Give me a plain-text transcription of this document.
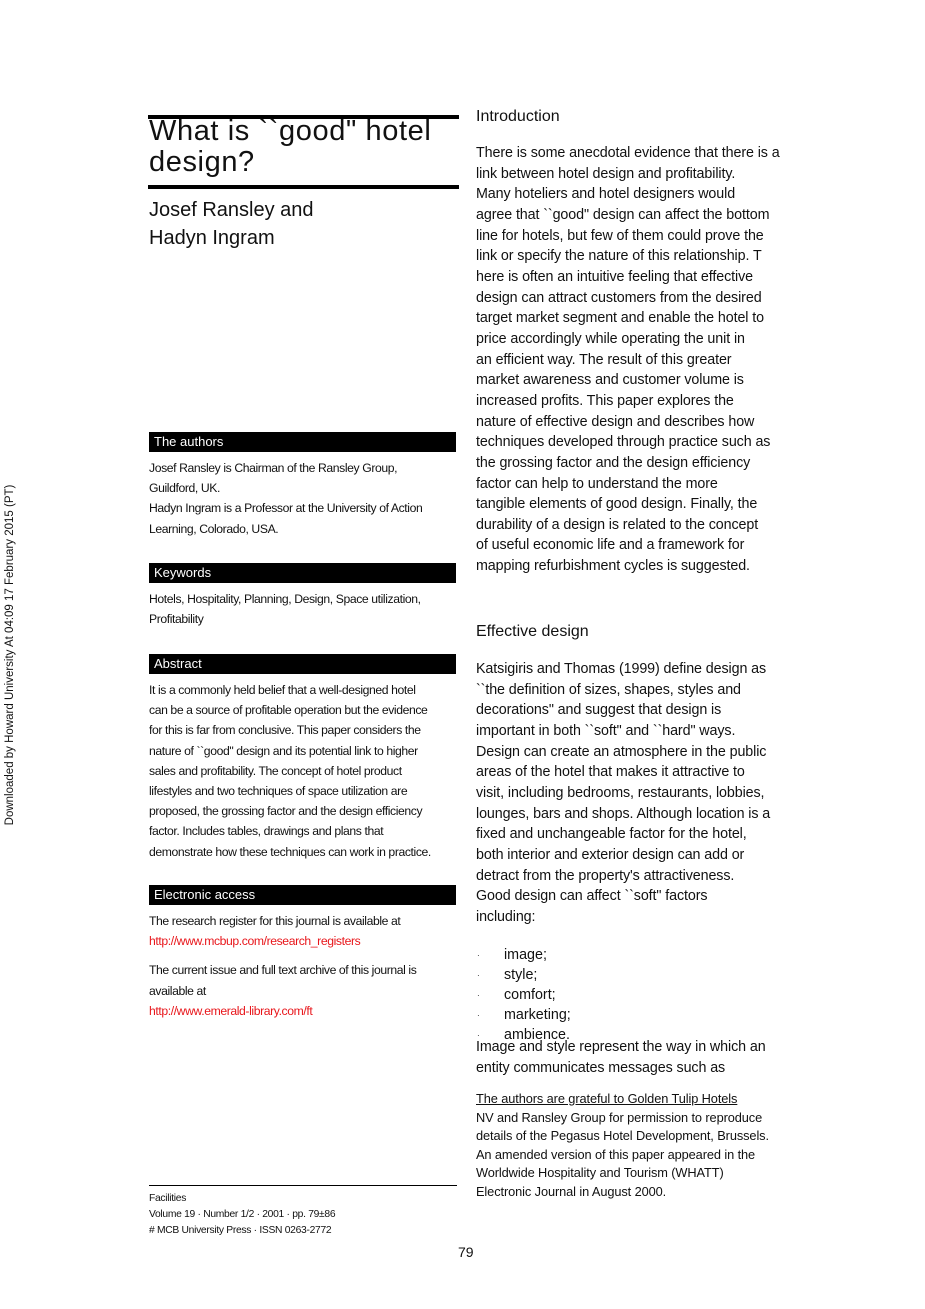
Downloaded by Howard University At 04:09 17 February 2015 (PT)
What is ``good" hotel
design?
Josef Ransley and
Hadyn Ingram
The authors
Josef Ransley is Chairman of the Ransley Group,
Guildford, UK.
Hadyn Ingram is a Professor at the University of Action
Learning, Colorado, USA.
Keywords
Hotels, Hospitality, Planning, Design, Space utilization,
Profitability
Abstract
It is a commonly held belief that a well-designed hotel
can be a source of profitable operation but the evidence
for this is far from conclusive. This paper considers the
nature of ``good" design and its potential link to higher
sales and profitability. The concept of hotel product
lifestyles and two techniques of space utilization are
proposed, the grossing factor and the design efficiency
factor. Includes tables, drawings and plans that
demonstrate how these techniques can work in practice.
Electronic access
The research register for this journal is available at
http://www.mcbup.com/research_registers
The current issue and full text archive of this journal is
available at
http://www.emerald-library.com/ft
Facilities
Volume 19 · Number 1/2 · 2001 · pp. 79±86
# MCB University Press · ISSN 0263-2772
79
Introduction
There is some anecdotal evidence that there is a
link between hotel design and profitability.
Many hoteliers and hotel designers would
agree that ``good" design can affect the bottom
line for hotels, but few of them could prove the
link or specify the nature of this relationship. T
here is often an intuitive feeling that effective
design can attract customers from the desired
target market segment and enable the hotel to
price accordingly while operating the unit in
an efficient way. The result of this greater
market awareness and customer volume is
increased profits. This paper explores the
nature of effective design and describes how
techniques developed through practice such as
the grossing factor and the design efficiency
factor can help to understand the more
tangible elements of good design. Finally, the
durability of a design is related to the concept
of useful economic life and a framework for
mapping refurbishment cycles is suggested.
Effective design
Katsigiris and Thomas (1999) define design as
``the definition of sizes, shapes, styles and
decorations" and suggest that design is
important in both ``soft" and ``hard" ways.
Design can create an atmosphere in the public
areas of the hotel that makes it attractive to
visit, including bedrooms, restaurants, lobbies,
lounges, bars and shops. Although location is a
fixed and unchangeable factor for the hotel,
both interior and exterior design can add or
detract from the property's attractiveness.
Good design can affect ``soft" factors
including:
· image;
· style;
· comfort;
· marketing;
· ambience.
Image and style represent the way in which an
entity communicates messages such as
The authors are grateful to Golden Tulip Hotels
NV and Ransley Group for permission to reproduce
details of the Pegasus Hotel Development, Brussels.
An amended version of this paper appeared in the
Worldwide Hospitality and Tourism (WHATT)
Electronic Journal in August 2000.
